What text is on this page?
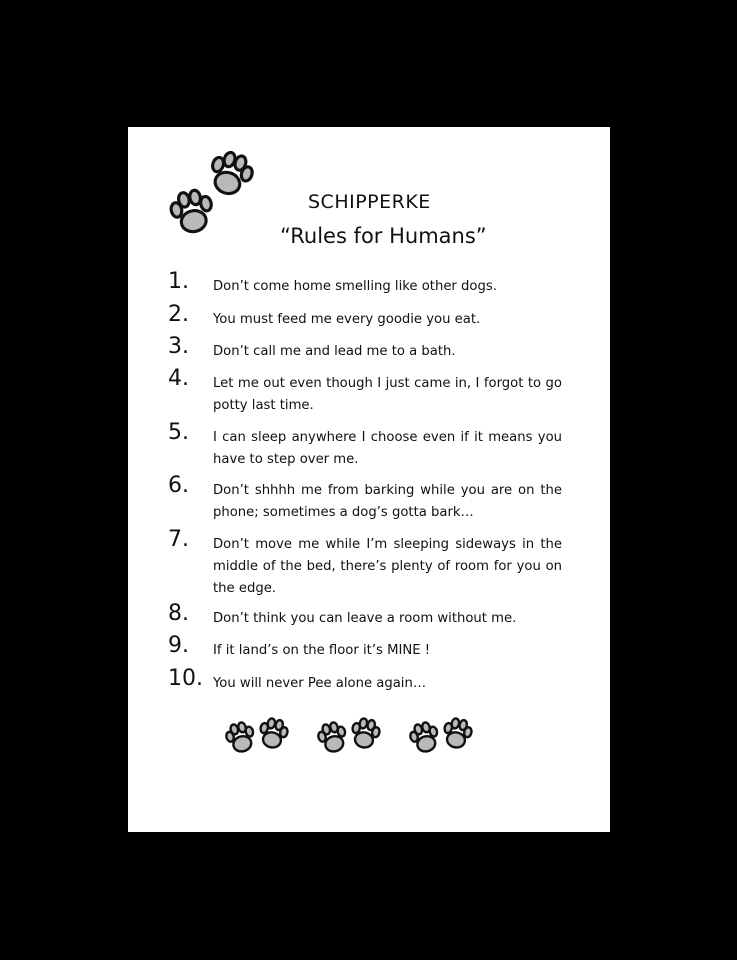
SCHIPPERKE
“Rules for Humans”
1. Don’t come home smelling like other dogs.
2. You must feed me every goodie you eat.
3. Don’t call me and lead me to a bath.
4. Let me out even though I just came in, I forgot to go potty last time.
5. I can sleep anywhere I choose even if it means you have to step over me.
6. Don’t shhhh me from barking while you are on the phone; sometimes a dog’s gotta bark…
7. Don’t move me while I’m sleeping sideways in the middle of the bed, there’s plenty of room for you on the edge.
8. Don’t think you can leave a room without me.
9. If it land’s on the floor it’s MINE !
10. You will never Pee alone again…
